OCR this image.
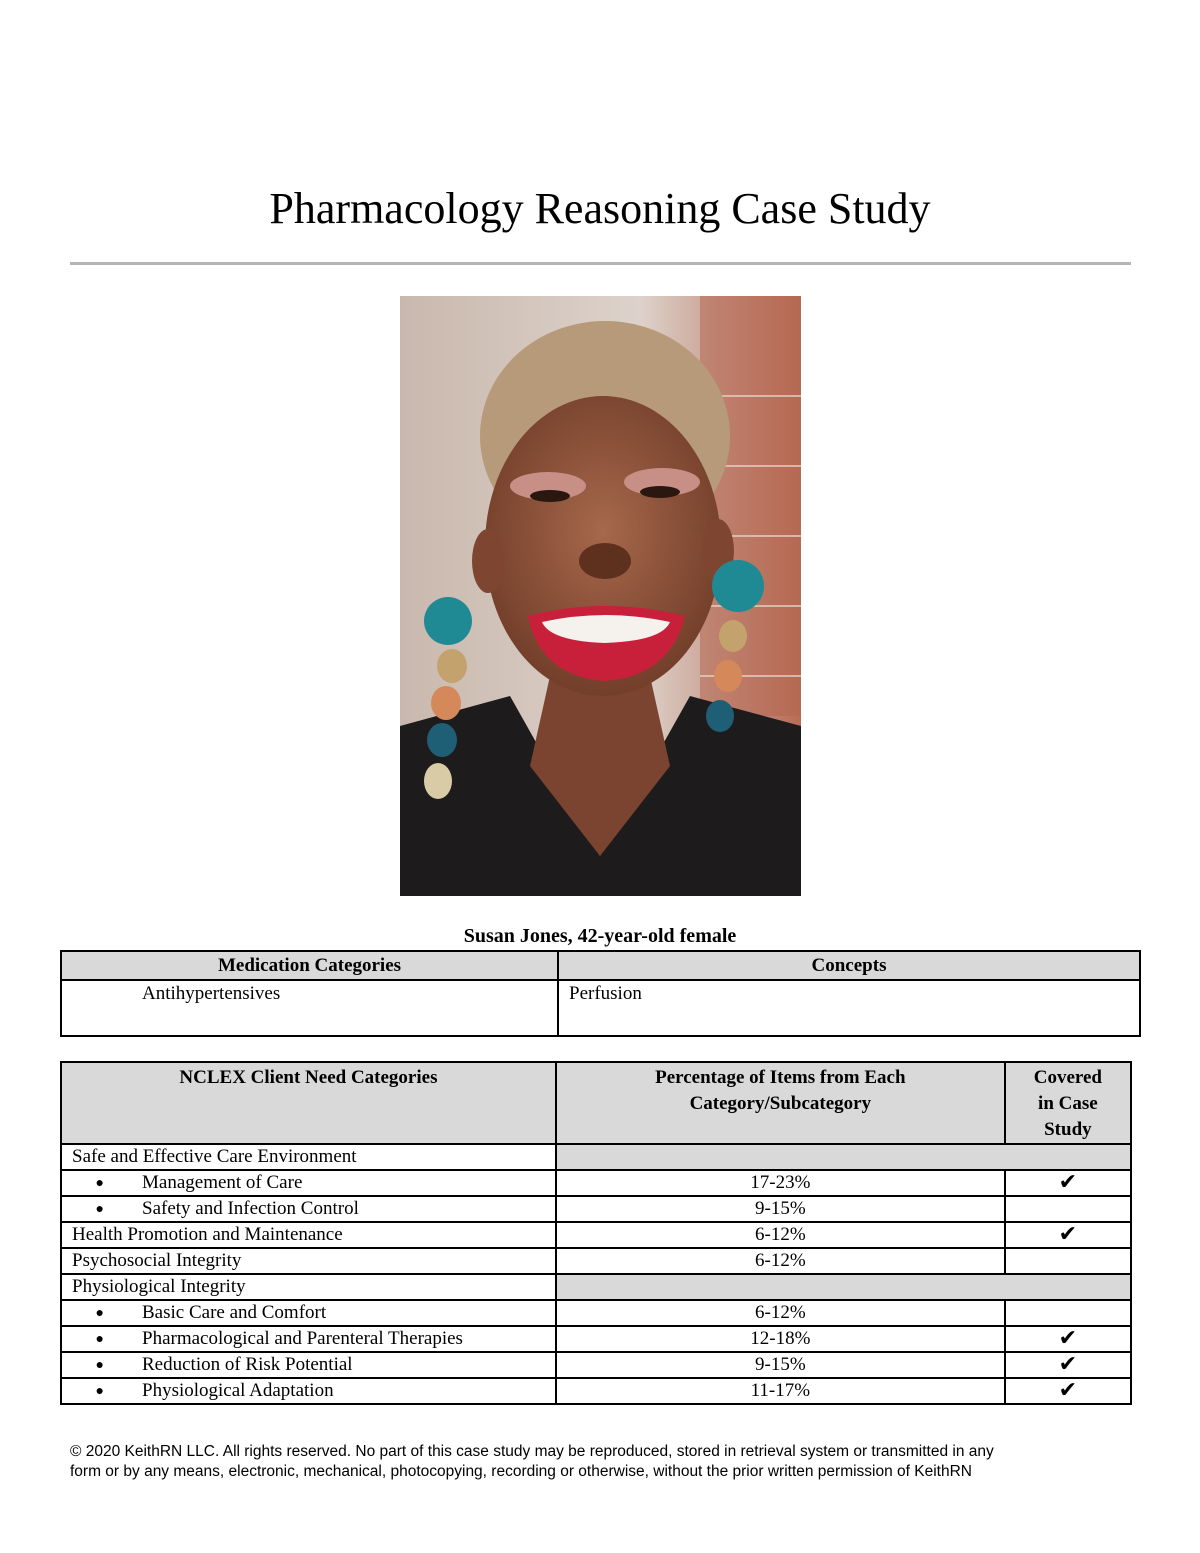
Pharmacology Reasoning Case Study
Susan Jones, 42-year-old female
Medication Categories	Concepts
Antihypertensives	Perfusion
NCLEX Client Need Categories	Percentage of Items from Each Category/Subcategory	Covered in Case Study
Safe and Effective Care Environment		
● Management of Care	17-23%	✔
● Safety and Infection Control	9-15%	
Health Promotion and Maintenance	6-12%	✔
Psychosocial Integrity	6-12%	
Physiological Integrity		
● Basic Care and Comfort	6-12%	
● Pharmacological and Parenteral Therapies	12-18%	✔
● Reduction of Risk Potential	9-15%	✔
● Physiological Adaptation	11-17%	✔
© 2020 KeithRN LLC. All rights reserved. No part of this case study may be reproduced, stored in retrieval system or transmitted in any
form or by any means, electronic, mechanical, photocopying, recording or otherwise, without the prior written permission of KeithRN
